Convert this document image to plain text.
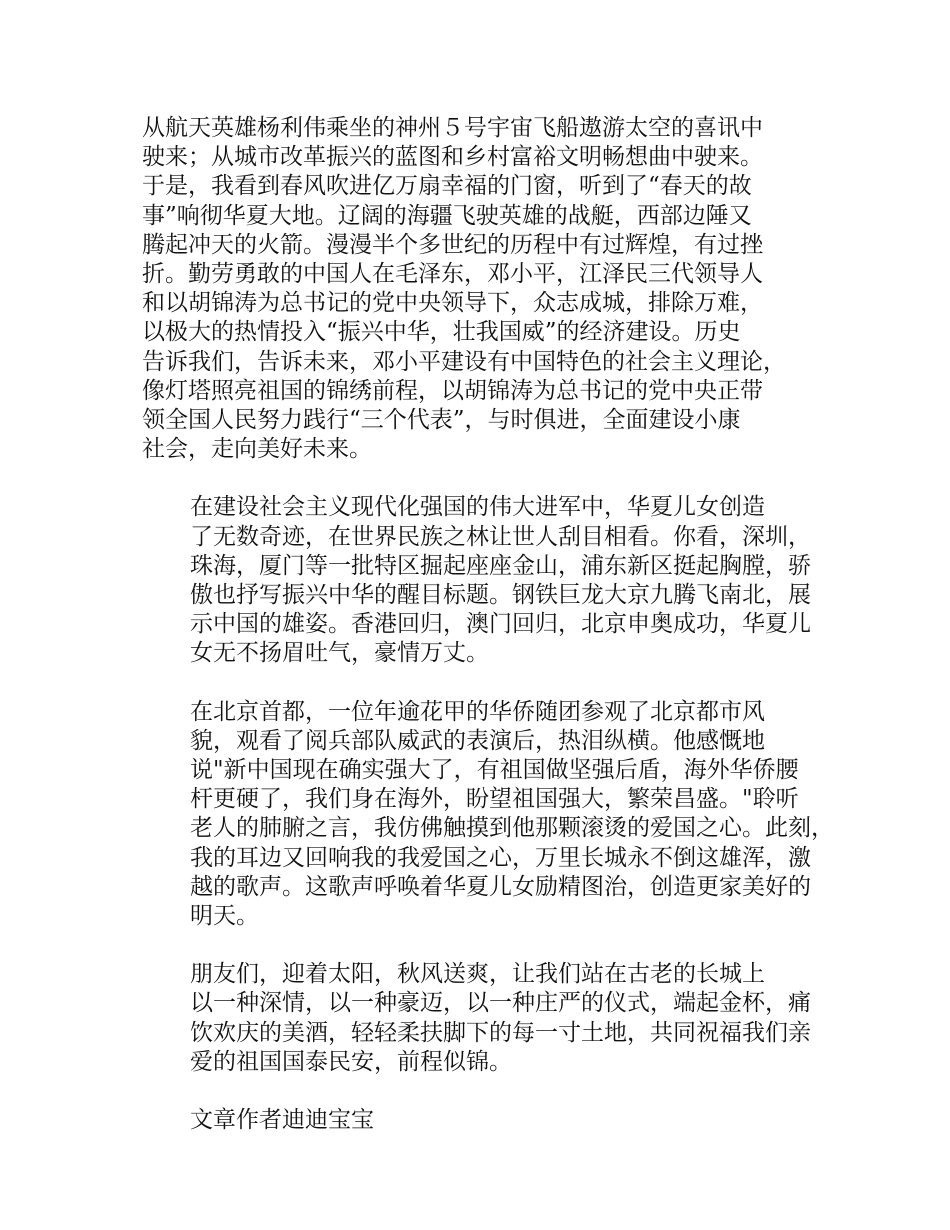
从航天英雄杨利伟乘坐的神州５号宇宙飞船遨游太空的喜讯中
驶来；从城市改革振兴的蓝图和乡村富裕文明畅想曲中驶来。
于是，我看到春风吹进亿万扇幸福的门窗，听到了“春天的故
事”响彻华夏大地。辽阔的海疆飞驶英雄的战艇，西部边陲又
腾起冲天的火箭。漫漫半个多世纪的历程中有过辉煌，有过挫
折。勤劳勇敢的中国人在毛泽东，邓小平，江泽民三代领导人
和以胡锦涛为总书记的党中央领导下，众志成城，排除万难，
以极大的热情投入“振兴中华，壮我国威”的经济建设。历史
告诉我们，告诉未来，邓小平建设有中国特色的社会主义理论，
像灯塔照亮祖国的锦绣前程，以胡锦涛为总书记的党中央正带
领全国人民努力践行“三个代表”，与时俱进，全面建设小康
社会，走向美好未来。

在建设社会主义现代化强国的伟大进军中，华夏儿女创造
了无数奇迹，在世界民族之林让世人刮目相看。你看，深圳，
珠海，厦门等一批特区掘起座座金山，浦东新区挺起胸膛，骄
傲也抒写振兴中华的醒目标题。钢铁巨龙大京九腾飞南北，展
示中国的雄姿。香港回归，澳门回归，北京申奥成功，华夏儿
女无不扬眉吐气，豪情万丈。

在北京首都，一位年逾花甲的华侨随团参观了北京都市风
貌，观看了阅兵部队威武的表演后，热泪纵横。他感慨地
说"新中国现在确实强大了，有祖国做坚强后盾，海外华侨腰
杆更硬了，我们身在海外，盼望祖国强大，繁荣昌盛。"聆听
老人的肺腑之言，我仿佛触摸到他那颗滚烫的爱国之心。此刻，
我的耳边又回响我的我爱国之心，万里长城永不倒这雄浑，激
越的歌声。这歌声呼唤着华夏儿女励精图治，创造更家美好的
明天。

朋友们，迎着太阳，秋风送爽，让我们站在古老的长城上
以一种深情，以一种豪迈，以一种庄严的仪式，端起金杯，痛
饮欢庆的美酒，轻轻柔扶脚下的每一寸土地，共同祝福我们亲
爱的祖国国泰民安，前程似锦。

文章作者迪迪宝宝
